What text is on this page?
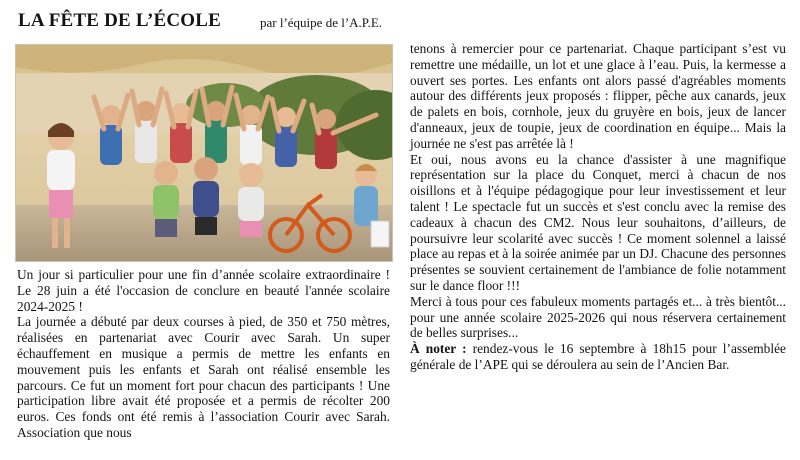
LA FÊTE DE L’ÉCOLE	par l’équipe de l’A.P.E.

Un jour si particulier pour une fin d’année scolaire extraordinaire ! Le 28 juin a été l'occasion de conclure en beauté l'année scolaire 2024-2025 !

La journée a débuté par deux courses à pied, de 350 et 750 mètres, réalisées en partenariat avec Courir avec Sarah. Un super échauffement en musique a permis de mettre les enfants en mouvement puis les enfants et Sarah ont réalisé ensemble les parcours. Ce fut un moment fort pour chacun des participants ! Une participation libre avait été proposée et a permis de récolter 200 euros. Ces fonds ont été remis à l’association Courir avec Sarah. Association que nous

tenons à remercier pour ce partenariat. Chaque participant s’est vu remettre une médaille, un lot et une glace à l’eau. Puis, la kermesse a ouvert ses portes. Les enfants ont alors passé d'agréables moments autour des différents jeux proposés : flipper, pêche aux canards, jeux de palets en bois, cornhole, jeux du gruyère en bois, jeux de lancer d'anneaux, jeux de toupie, jeux de coordination en équipe... Mais la journée ne s'est pas arrêtée là !

Et oui, nous avons eu la chance d'assister à une magnifique représentation sur la place du Conquet, merci à chacun de nos oisillons et à l'équipe pédagogique pour leur investissement et leur talent ! Le spectacle fut un succès et s'est conclu avec la remise des cadeaux à chacun des CM2. Nous leur souhaitons, d’ailleurs, de poursuivre leur scolarité avec succès ! Ce moment solennel a laissé place au repas et à la soirée animée par un DJ. Chacune des personnes présentes se souvient certainement de l'ambiance de folie notamment sur le dance floor !!!

Merci à tous pour ces fabuleux moments partagés et... à très bientôt... pour une année scolaire 2025-2026 qui nous réservera certainement de belles surprises...

À noter : rendez-vous le 16 septembre à 18h15 pour l’assemblée générale de l’APE qui se déroulera au sein de l’Ancien Bar.
